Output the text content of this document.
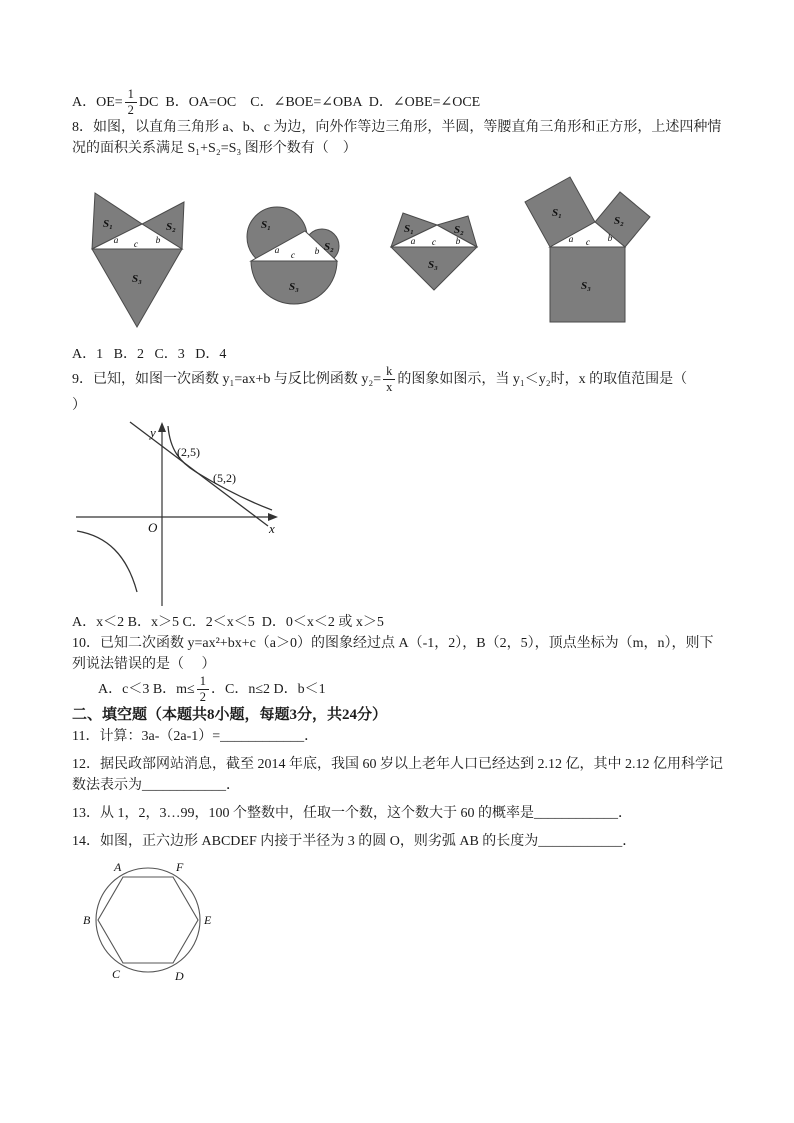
A．$OE= \frac{1}{2}$ DC  B．OA=OC    C．∠BOE=∠OBA  D．∠OBE=∠OCE

8．如图，以直角三角形 a、b、c 为边，向外作等边三角形，半圆，等腰直角三角形和正方形，上述四种情况的面积关系满足 S₁+S₂=S₃ 图形个数有（    ）

S₁	S₂
S₃
a	b
c
S₁
S₂
S₃
a	b
c
S₁	S₂
S₃
a	b
c
S₁
S₂
S₃
a	b
c

A．1   B．2   C．3   D．4

9．已知，如图一次函数 y₁=ax+b 与反比例函数 $y_2= \frac{k}{x}$ 的图象如图示，当 y₁＜y₂时，x 的取值范围是（

）

y
x
O
(2,5)
(5,2)

A．x＜2 B．x＞5 C．2＜x＜5  D．0＜x＜2 或 x＞5

10．已知二次函数 y=ax²+bx+c（a＞0）的图象经过点 A（-1，2），B（2，5），顶点坐标为（m，n），则下列说法错误的是（     ）

A．c＜3 B．$m\le \frac{1}{2}$ ．C．n≤2 D．b＜1

二、填空题（本题共8小题，每题3分，共24分）

11．计算：3a-（2a-1）=____________．

12．据民政部网站消息，截至 2014 年底，我国 60 岁以上老年人口已经达到 2.12 亿，其中 2.12 亿用科学记数法表示为____________．

13．从 1，2，3…99，100 个整数中，任取一个数，这个数大于 60 的概率是____________．

14．如图，正六边形 ABCDEF 内接于半径为 3 的圆 O，则劣弧 AB 的长度为____________．

A	F
B	E
C	D
